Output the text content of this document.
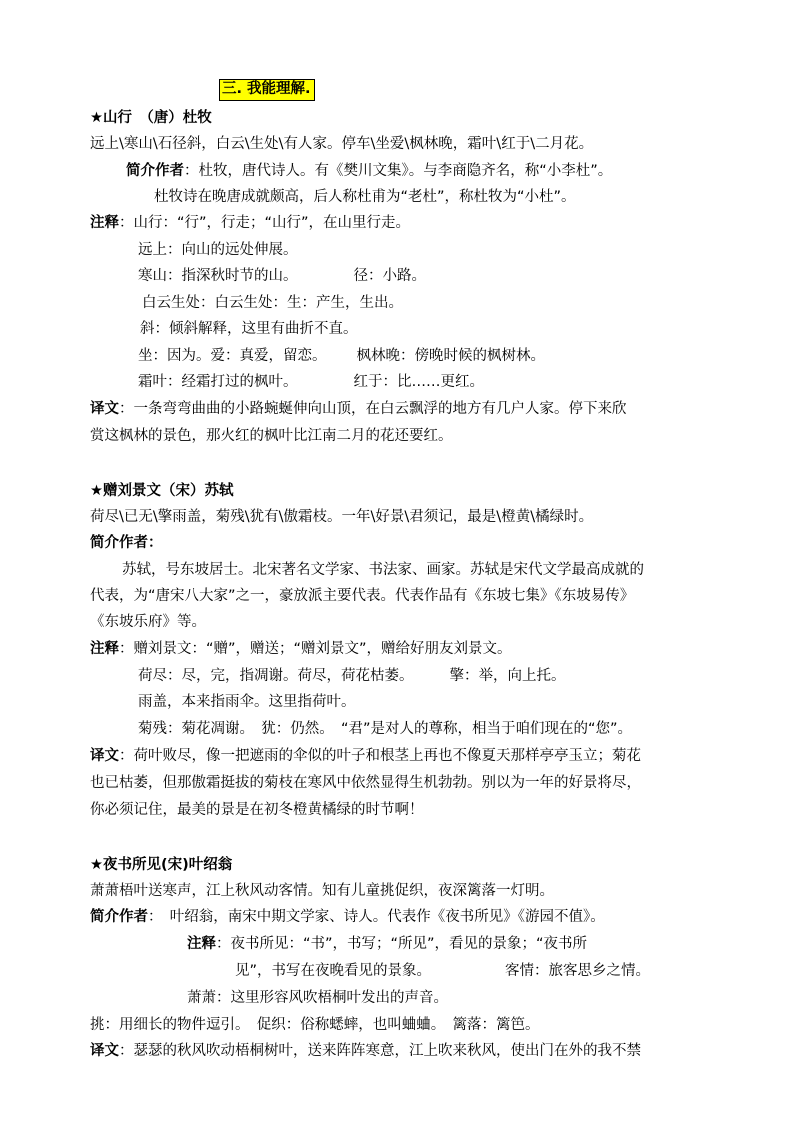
三. 我能理解.
★山行　（唐）杜牧
远上\寒山\石径斜，白云\生处\有人家。停车\坐爱\枫林晚，霜叶\红于\二月花。
简介作者：杜牧，唐代诗人。有《樊川文集》。与李商隐齐名，称“小李杜”。
杜牧诗在晚唐成就颇高，后人称杜甫为“老杜”，称杜牧为“小杜”。
注释：山行：“行”，行走；“山行”，在山里行走。
远上：向山的远处伸展。
寒山：指深秋时节的山。	径：小路。
白云生处：白云生处：生：产生，生出。
斜：倾斜解释，这里有曲折不直。
坐：因为。爱：真爱，留恋。 枫林晚：傍晚时候的枫树林。
霜叶：经霜打过的枫叶。	红于：比……更红。
译文：一条弯弯曲曲的小路蜿蜒伸向山顶，在白云飘浮的地方有几户人家。停下来欣
赏这枫林的景色，那火红的枫叶比江南二月的花还要红。
★赠刘景文（宋）苏轼
荷尽\已无\擎雨盖，菊残\犹有\傲霜枝。一年\好景\君须记，最是\橙黄\橘绿时。
简介作者：
苏轼，号东坡居士。北宋著名文学家、书法家、画家。苏轼是宋代文学最高成就的
代表，为“唐宋八大家”之一，豪放派主要代表。代表作品有《东坡七集》《东坡易传》
《东坡乐府》等。
注释：赠刘景文：“赠”，赠送；“赠刘景文”，赠给好朋友刘景文。
荷尽：尽，完，指凋谢。荷尽，荷花枯萎。 擎：举，向上托。
雨盖，本来指雨伞。这里指荷叶。
菊残：菊花凋谢。　犹：仍然。　“君”是对人的尊称，相当于咱们现在的“您”。
译文：荷叶败尽，像一把遮雨的伞似的叶子和根茎上再也不像夏天那样亭亭玉立；菊花
也已枯萎，但那傲霜挺拔的菊枝在寒风中依然显得生机勃勃。别以为一年的好景将尽，
你必须记住，最美的景是在初冬橙黄橘绿的时节啊！
★夜书所见(宋)叶绍翁
萧萧梧叶送寒声，江上秋风动客情。知有儿童挑促织，夜深篱落一灯明。
简介作者：　叶绍翁，南宋中期文学家、诗人。代表作《夜书所见》《游园不值》。
注释：夜书所见：“书”，书写；“所见”，看见的景象；“夜书所
见”，书写在夜晚看见的景象。	客情：旅客思乡之情。
萧萧：这里形容风吹梧桐叶发出的声音。
挑：用细长的物件逗引。　促织：俗称蟋蟀，也叫蛐蛐。　篱落：篱笆。
译文：瑟瑟的秋风吹动梧桐树叶，送来阵阵寒意，江上吹来秋风，使出门在外的我不禁
